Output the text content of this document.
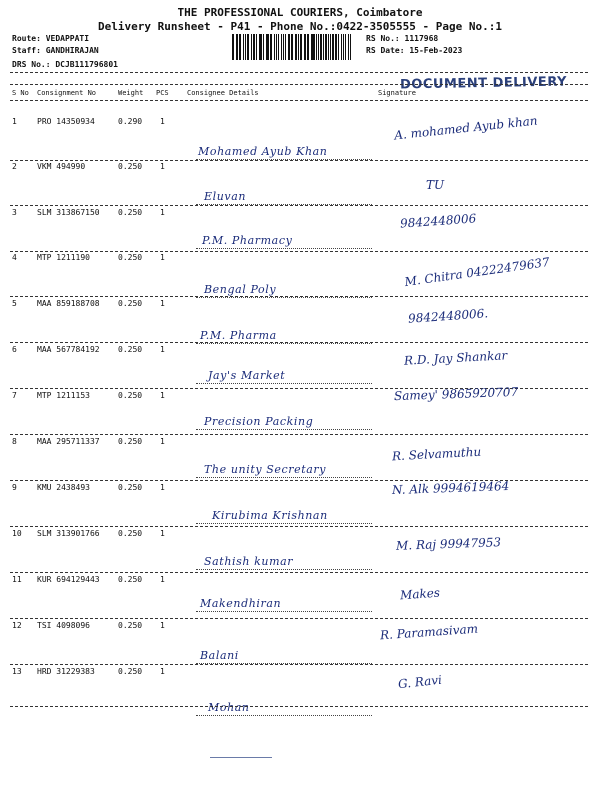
THE PROFESSIONAL COURIERS, Coimbatore
Delivery Runsheet - P41 - Phone No.:0422-3505555 - Page No.:1
Route: VEDAPPATI
Staff: GANDHIRAJAN
DRS No.: DCJB111796801
RS No.: 1117968
RS Date: 15-Feb-2023
DOCUMENT DELIVERY
S No Consignment No	Weight PCS	Consignee Details	Signature
1	PRO 14350934	0.290 1
Mohamed Ayub Khan
A. mohamed Ayub khan
2	VKM 494990	0.250 1
Eluvan
TU
3	SLM 313867150 0.250 1
P.M. Pharmacy
9842448006
4	MTP 1211190	0.250 1
Bengal Poly
M. Chitra 04222479637
5	MAA 859188708 0.250 1
P.M. Pharma
9842448006.
6	MAA 567784192 0.250 1
Jay's Market
R.D. Jay Shankar
7	MTP 1211153	0.250 1
Precision Packing
Samey' 9865920707
8	MAA 295711337 0.250 1
The unity Secretary
R. Selvamuthu
9	KMU 2438493	0.250 1
Kirubima Krishnan
N. Alk 9994619464
10 SLM 313901766 0.250 1
Sathish kumar
M. Raj 99947953
11 KUR 694129443 0.250 1
Makendhiran
Makes
12 TSI 4098096	0.250 1
Balani
R. Paramasivam
13 HRD 31229383	0.250 1
Mohan
G. Ravi
